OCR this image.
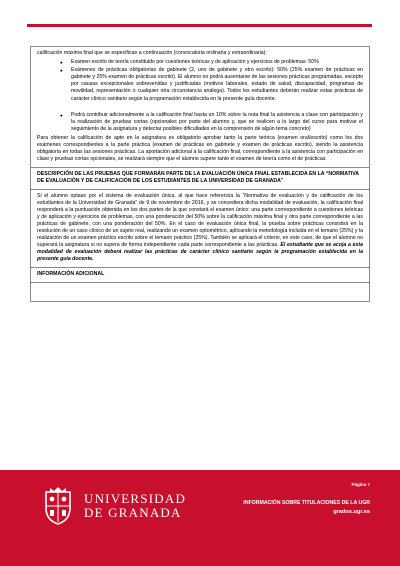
calificación máxima final que se especifican a continuación (convocatoria ordinaria y extraordinaria):

● Examen escrito de teoría constituido por cuestiones teóricas y de aplicación y ejercicios de problemas: 50%
● Exámenes de prácticas obligatorias de gabinete (2, uno de gabinete y otro escrito): 50% (25% examen de prácticas en gabinete y 25% examen de prácticas escrito). El alumno no podrá ausentarse de las sesiones prácticas programadas, excepto por causas excepcionales sobrevenidas y justificadas (motivos laborales, estado de salud, discapacidad, programas de movilidad, representación o cualquier otra circunstancia análoga). Todos los estudiantes deberán realizar estas prácticas de carácter clínico sanitario según la programación establecida en la presente guía docente.
● Podrá contribuir adicionalmente a la calificación final hasta un 10% sobre la nota final la asistencia a clase con participación y la realización de pruebas cortas (opcionales por parte del alumno y, que se realicen a lo largo del curso para motivar el seguimiento de la asignatura y detectar posibles dificultades en la comprensión de algún tema concreto)

Para obtener la calificación de apto en la asignatura es obligatorio aprobar tanto la parte teórica (examen oral/escrito) como los dos exámenes correspondientes a la parte práctica (examen de prácticas en gabinete y examen de prácticas escrito), siendo la asistencia obligatoria en todas las sesiones prácticas. La aportación adicional a la calificación final, correspondiente a la asistencia con participación en clase y pruebas cortas opcionales, se realizará siempre que el alumno supere tanto el examen de teoría como el de prácticas.

DESCRIPCIÓN DE LAS PRUEBAS QUE FORMARÁN PARTE DE LA EVALUACIÓN ÚNICA FINAL ESTABLECIDA EN LA “NORMATIVA DE EVALUACIÓN Y DE CALIFICACIÓN DE LOS ESTUDIANTES DE LA UNIVERSIDAD DE GRANADA”

Si el alumno optase por el sistema de evaluación única, al que hace referencia la “Normativa de evaluación y de calificación de los estudiantes de la Universidad de Granada” de 9 de noviembre de 2016, y se concediera dicha modalidad de evaluación, la calificación final responderá a la puntuación obtenida en los dos partes de la que constará el examen único: una parte correspondiente a cuestiones teóricas y de aplicación y ejercicios de problemas, con una ponderación del 50% sobre la calificación máxima final y otra parte correspondiente a las prácticas de gabinete, con una ponderación del 50%. En el caso de evaluación única final, la prueba sobre prácticas consistirá en la resolución de un caso clínico de un sujeto real, realizando un examen optométrico, aplicando la metodología incluida en el temario (25%) y la realización de un examen práctico escrito sobre el temario práctico (25%). También se aplicará el criterio, en este caso, de que el alumno no superará la asignatura si no supera de forma independiente cada parte correspondiente a las prácticas. El estudiante que se acoja a esta modalidad de evaluación deberá realizar las prácticas de carácter clínico sanitario según la programación establecida en la presente guía docente.

INFORMACIÓN ADICIONAL
UNIVERSIDAD
DE GRANADA
Página 7
INFORMACIÓN SOBRE TITULACIONES DE LA UGR
grados.ugr.es
